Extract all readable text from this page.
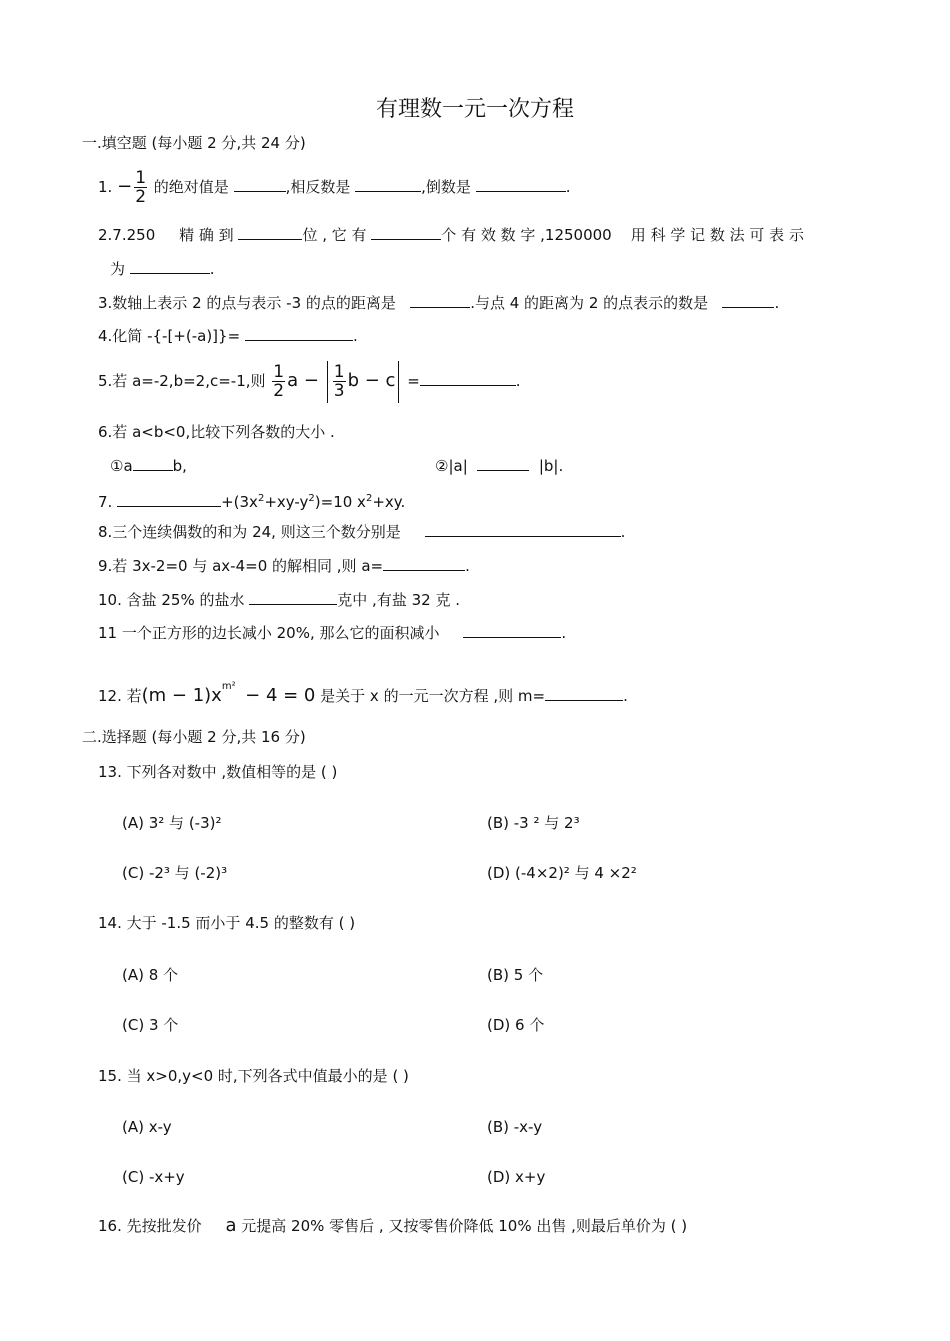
有理数一元一次方程
一.填空题 (每小题 2 分,共 24 分)
1. − $\frac{1}{2}$ 的绝对值是	,相反数是	,倒数是	.
2.7.250 精 确 到	位 , 它 有	个 有 效 数 字 ,1250000 用 科 学 记 数 法 可 表 示
为	.
3.数轴上表示 2 的点与表示 -3 的点的距离是	.与点 4 的距离为 2 的点表示的数是	.
4.化简 -{-[+(-a)]}=	.
5.若 a=-2,b=2,c=-1,则 $\frac{1}{2}$ $a - \frac{1}{3}$ b − c =	.
6.若 a<b<0,比较下列各数的大小 .
①a	b,	②|a|	|b|.
7.	$+(3x^2+xy-y^2)=10$ $x^2+xy$.
8.三个连续偶数的和为 24, 则这三个数分别是	.
9.若 3x-2=0 与 ax-4=0 的解相同 ,则 a=	.
10. 含盐 25% 的盐水	克中 ,有盐 32 克 .
11 一个正方形的边长减小 20%, 那么它的面积减小	.
12. 若$(m - 1)x^{m^2} - 4 = 0$ 是关于 x 的一元一次方程 ,则 m=	.
二.选择题 (每小题 2 分,共 16 分)
13. 下列各对数中 ,数值相等的是 ( )
(A) 3² 与 (-3)²	(B) -3 ² 与 2³
(C) -2³ 与 (-2)³	(D) (-4×2)² 与 4 ×2²
14. 大于 -1.5 而小于 4.5 的整数有 ( )
(A) 8 个	(B) 5 个
(C) 3 个	(D) 6 个
15. 当 x>0,y<0 时,下列各式中值最小的是 ( )
(A) x-y	(B) -x-y
(C) -x+y	(D) x+y
16. 先按批发价 a 元提高 20% 零售后 , 又按零售价降低 10% 出售 ,则最后单价为 ( )
